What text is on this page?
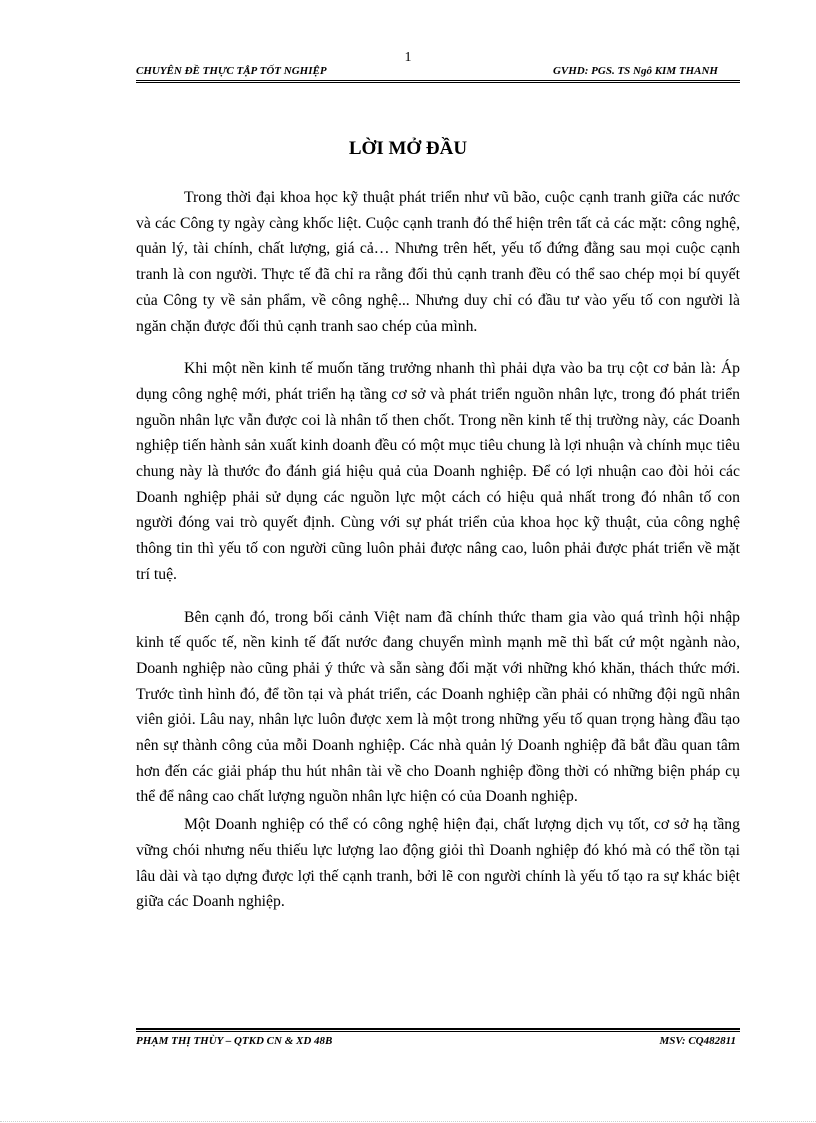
1
CHUYÊN ĐỀ THỰC TẬP TỐT NGHIỆP	GVHD: PGS. TS Ngô KIM THANH
LỜI MỞ ĐẦU

Trong thời đại khoa học kỹ thuật phát triển như vũ bão, cuộc cạnh tranh giữa các nước và các Công ty ngày càng khốc liệt. Cuộc cạnh tranh đó thể hiện trên tất cả các mặt: công nghệ, quản lý, tài chính, chất lượng, giá cả… Nhưng trên hết, yếu tố đứng đằng sau mọi cuộc cạnh tranh là con người. Thực tế đã chỉ ra rằng đối thủ cạnh tranh đều có thể sao chép mọi bí quyết của Công ty về sản phẩm, về công nghệ... Nhưng duy chỉ có đầu tư vào yếu tố con người là ngăn chặn được đối thủ cạnh tranh sao chép của mình.

Khi một nền kinh tế muốn tăng trưởng nhanh thì phải dựa vào ba trụ cột cơ bản là: Áp dụng công nghệ mới, phát triển hạ tầng cơ sở và phát triển nguồn nhân lực, trong đó phát triển nguồn nhân lực vẫn được coi là nhân tố then chốt. Trong nền kinh tế thị trường này, các Doanh nghiệp tiến hành sản xuất kinh doanh đều có một mục tiêu chung là lợi nhuận và chính mục tiêu chung này là thước đo đánh giá hiệu quả của Doanh nghiệp. Để có lợi nhuận cao đòi hỏi các Doanh nghiệp phải sử dụng các nguồn lực một cách có hiệu quả nhất trong đó nhân tố con người đóng vai trò quyết định. Cùng với sự phát triển của khoa học kỹ thuật, của công nghệ thông tin thì yếu tố con người cũng luôn phải được nâng cao, luôn phải được phát triển về mặt trí tuệ.

Bên cạnh đó, trong bối cảnh Việt nam đã chính thức tham gia vào quá trình hội nhập kinh tế quốc tế, nền kinh tế đất nước đang chuyển mình mạnh mẽ thì bất cứ một ngành nào, Doanh nghiệp nào cũng phải ý thức và sẵn sàng đối mặt với những khó khăn, thách thức mới. Trước tình hình đó, để tồn tại và phát triển, các Doanh nghiệp cần phải có những đội ngũ nhân viên giỏi. Lâu nay, nhân lực luôn được xem là một trong những yếu tố quan trọng hàng đầu tạo nên sự thành công của mỗi Doanh nghiệp. Các nhà quản lý Doanh nghiệp đã bắt đầu quan tâm hơn đến các giải pháp thu hút nhân tài về cho Doanh nghiệp đồng thời có những biện pháp cụ thể để nâng cao chất lượng nguồn nhân lực hiện có của Doanh nghiệp.

Một Doanh nghiệp có thể có công nghệ hiện đại, chất lượng dịch vụ tốt, cơ sở hạ tầng vững chói nhưng nếu thiếu lực lượng lao động giỏi thì Doanh nghiệp đó khó mà có thể tồn tại lâu dài và tạo dựng được lợi thế cạnh tranh, bởi lẽ con người chính là yếu tố tạo ra sự khác biệt giữa các Doanh nghiệp.

PHẠM THỊ THÙY – QTKD CN & XD 48B	MSV: CQ482811
